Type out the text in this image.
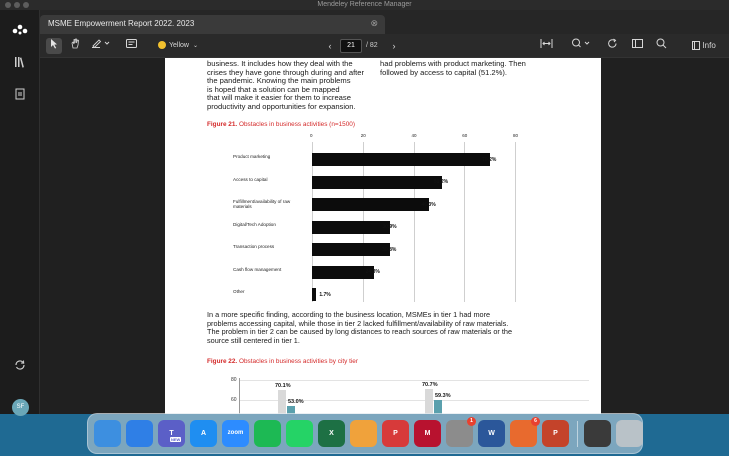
Mendeley Reference Manager
SF
MSME Empowerment Report 2022. 2023	⊗
Yellow ⌄	‹	21	/ 82 ›	Info
business. It includes how they deal with the
crises they have gone through during and after
the pandemic. Knowing the main problems
is hoped that a solution can be mapped
that will make it easier for them to increase
productivity and opportunities for expansion.
had problems with product marketing. Then
followed by access to capital (51.2%).
Figure 21. Obstacles in business activities (n=1500)
0	20	40	60	80
Product marketing	70.2%
Access to capital	51.2%
Fulfillment/availability of raw materials	46.3%
Digital/Tech Adoption	30.9%
Transaction process	30.8%
Cash flow management	24.3%
Other	1.7%
In a more specific finding, according to the business location, MSMEs in tier 1 had more
problems accessing capital, while those in tier 2 lacked fulfillment/availability of raw materials.
The problem in tier 2 can be caused by long distances to reach sources of raw materials or the
source still centered in tier 1.
Figure 22. Obstacles in business activities by city tier
80
60
70.1%
53.0%
70.7%
59.3%
T
NEW
A	zoom	X	P	M
1
W
6
P
